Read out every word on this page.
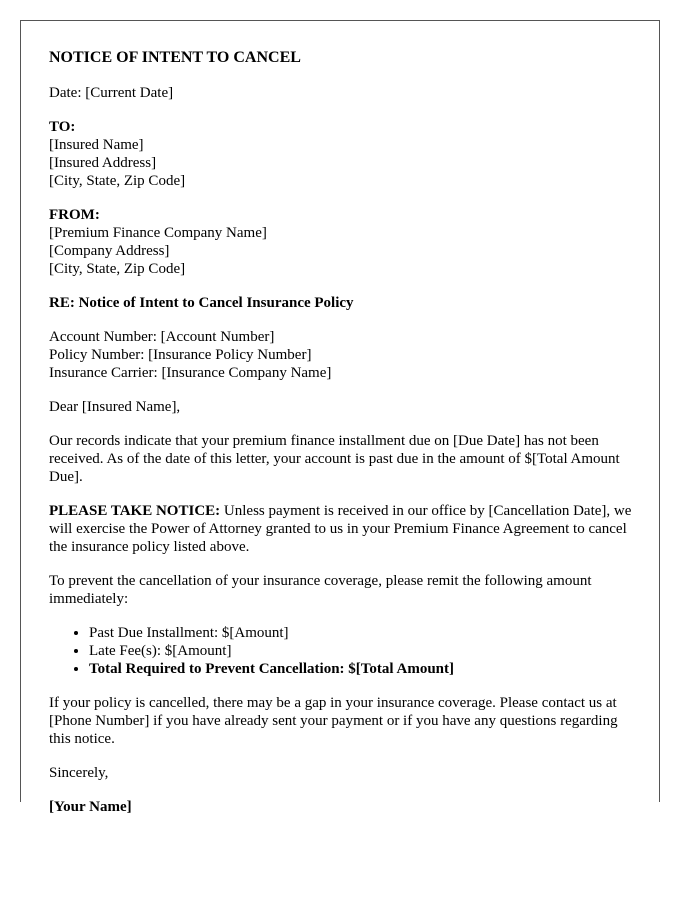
NOTICE OF INTENT TO CANCEL

Date: [Current Date]

TO:
[Insured Name]
[Insured Address]
[City, State, Zip Code]
FROM:
[Premium Finance Company Name]
[Company Address]
[City, State, Zip Code]

RE: Notice of Intent to Cancel Insurance Policy

Account Number: [Account Number]
Policy Number: [Insurance Policy Number]
Insurance Carrier: [Insurance Company Name]

Dear [Insured Name],

Our records indicate that your premium finance installment due on [Due Date] has not been received. As of the date of this letter, your account is past due in the amount of $[Total Amount Due].

PLEASE TAKE NOTICE: Unless payment is received in our office by [Cancellation Date], we will exercise the Power of Attorney granted to us in your Premium Finance Agreement to cancel the insurance policy listed above.

To prevent the cancellation of your insurance coverage, please remit the following amount immediately:

• Past Due Installment: $[Amount]
• Late Fee(s): $[Amount]
• Total Required to Prevent Cancellation: $[Total Amount]

If your policy is cancelled, there may be a gap in your insurance coverage. Please contact us at [Phone Number] if you have already sent your payment or if you have any questions regarding this notice.

Sincerely,

[Your Name]
